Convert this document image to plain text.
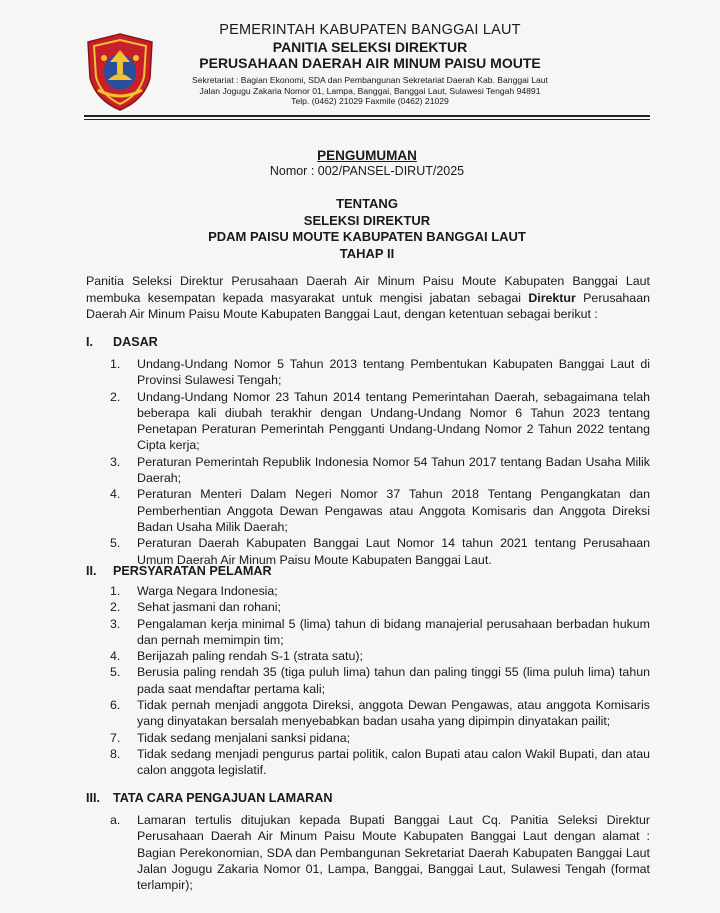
PEMERINTAH KABUPATEN BANGGAI LAUT
PANITIA SELEKSI DIREKTUR
PERUSAHAAN DAERAH AIR MINUM PAISU MOUTE
Sekretariat : Bagian Ekonomi, SDA dan Pembangunan Sekretariat Daerah Kab. Banggai Laut
Jalan Jogugu Zakaria Nomor 01, Lampa, Banggai, Banggai Laut, Sulawesi Tengah 94891
Telp. (0462) 21029 Faxmile (0462) 21029
PENGUMUMAN
Nomor : 002/PANSEL-DIRUT/2025
TENTANG
SELEKSI DIREKTUR
PDAM PAISU MOUTE KABUPATEN BANGGAI LAUT
TAHAP II
Panitia Seleksi Direktur Perusahaan Daerah Air Minum Paisu Moute Kabupaten Banggai Laut membuka kesempatan kepada masyarakat untuk mengisi jabatan sebagai Direktur Perusahaan Daerah Air Minum Paisu Moute Kabupaten Banggai Laut, dengan ketentuan sebagai berikut :
I. DASAR
1. Undang-Undang Nomor 5 Tahun 2013 tentang Pembentukan Kabupaten Banggai Laut di Provinsi Sulawesi Tengah;
2. Undang-Undang Nomor 23 Tahun 2014 tentang Pemerintahan Daerah, sebagaimana telah beberapa kali diubah terakhir dengan Undang-Undang Nomor 6 Tahun 2023 tentang Penetapan Peraturan Pemerintah Pengganti Undang-Undang Nomor 2 Tahun 2022 tentang Cipta kerja;
3. Peraturan Pemerintah Republik Indonesia Nomor 54 Tahun 2017 tentang Badan Usaha Milik Daerah;
4. Peraturan Menteri Dalam Negeri Nomor 37 Tahun 2018 Tentang Pengangkatan dan Pemberhentian Anggota Dewan Pengawas atau Anggota Komisaris dan Anggota Direksi Badan Usaha Milik Daerah;
5. Peraturan Daerah Kabupaten Banggai Laut Nomor 14 tahun 2021 tentang Perusahaan Umum Daerah Air Minum Paisu Moute Kabupaten Banggai Laut.
II. PERSYARATAN PELAMAR
1. Warga Negara Indonesia;
2. Sehat jasmani dan rohani;
3. Pengalaman kerja minimal 5 (lima) tahun di bidang manajerial perusahaan berbadan hukum dan pernah memimpin tim;
4. Berijazah paling rendah S-1 (strata satu);
5. Berusia paling rendah 35 (tiga puluh lima) tahun dan paling tinggi 55 (lima puluh lima) tahun pada saat mendaftar pertama kali;
6. Tidak pernah menjadi anggota Direksi, anggota Dewan Pengawas, atau anggota Komisaris yang dinyatakan bersalah menyebabkan badan usaha yang dipimpin dinyatakan pailit;
7. Tidak sedang menjalani sanksi pidana;
8. Tidak sedang menjadi pengurus partai politik, calon Bupati atau calon Wakil Bupati, dan atau calon anggota legislatif.
III. TATA CARA PENGAJUAN LAMARAN
a. Lamaran tertulis ditujukan kepada Bupati Banggai Laut Cq. Panitia Seleksi Direktur Perusahaan Daerah Air Minum Paisu Moute Kabupaten Banggai Laut dengan alamat : Bagian Perekonomian, SDA dan Pembangunan Sekretariat Daerah Kabupaten Banggai Laut Jalan Jogugu Zakaria Nomor 01, Lampa, Banggai, Banggai Laut, Sulawesi Tengah (format terlampir);
